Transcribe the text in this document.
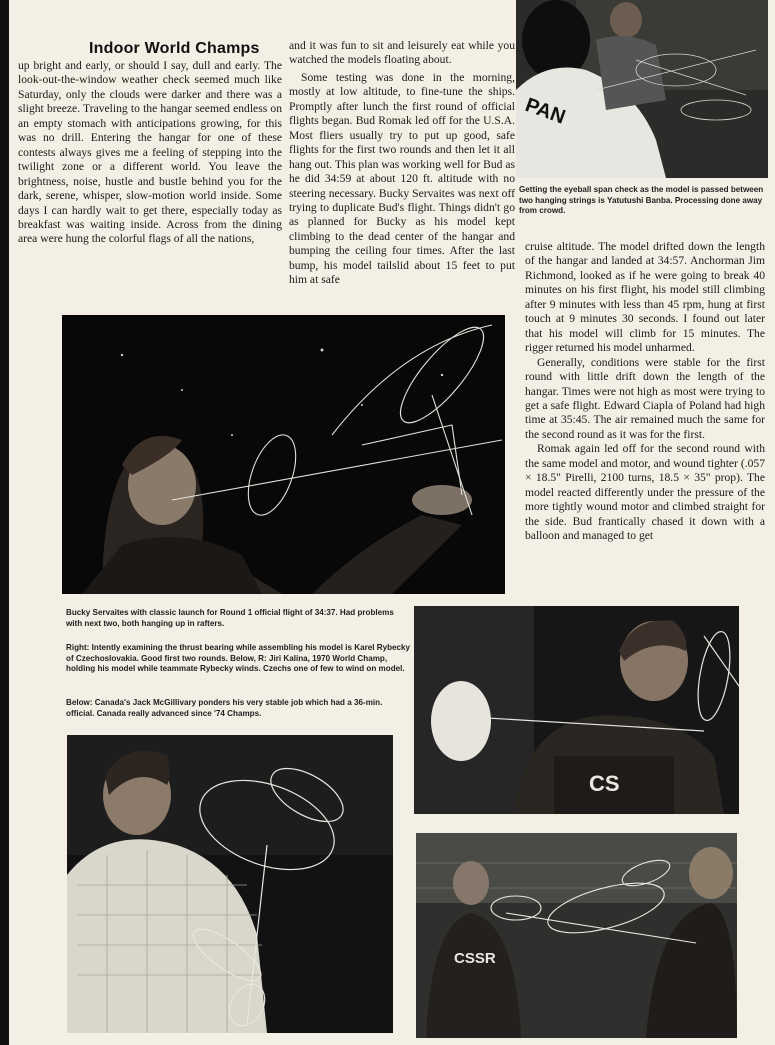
Indoor World Champs
up bright and early, or should I say, dull and early. The look-out-the-window weather check seemed much like Saturday, only the clouds were darker and there was a slight breeze. Traveling to the hangar seemed endless on an empty stomach with anticipations growing, for this was no drill. Entering the hangar for one of these contests always gives me a feeling of stepping into the twilight zone or a different world. You leave the brightness, noise, hustle and bustle behind you for the dark, serene, whisper, slow-motion world inside. Some days I can hardly wait to get there, especially today as breakfast was waiting inside. Across from the dining area were hung the colorful flags of all the nations,
and it was fun to sit and leisurely eat while you watched the models floating about.
Some testing was done in the morning, mostly at low altitude, to fine-tune the ships. Promptly after lunch the first round of official flights began. Bud Romak led off for the U.S.A. Most fliers usually try to put up good, safe flights for the first two rounds and then let it all hang out. This plan was working well for Bud as he did 34:59 at about 120 ft. altitude with no steering necessary. Bucky Servaites was next off trying to duplicate Bud's flight. Things didn't go as planned for Bucky as his model kept climbing to the dead center of the hangar and bumping the ceiling four times. After the last bump, his model tailslid about 15 feet to put him at safe
PAN
Getting the eyeball span check as the model is passed between two hanging strings is Yatutushi Banba. Processing done away from crowd.
cruise altitude. The model drifted down the length of the hangar and landed at 34:57. Anchorman Jim Richmond, looked as if he were going to break 40 minutes on his first flight, his model still climbing after 9 minutes with less than 45 rpm, hung at first touch at 9 minutes 30 seconds. I found out later that his model will climb for 15 minutes. The rigger returned his model unharmed.
Generally, conditions were stable for the first round with little drift down the length of the hangar. Times were not high as most were trying to get a safe flight. Edward Ciapla of Poland had high time at 35:45. The air remained much the same for the second round as it was for the first.
Romak again led off for the second round with the same model and motor, and wound tighter (.057 × 18.5" Pirelli, 2100 turns, 18.5 × 35" prop). The model reacted differently under the pressure of the more tightly wound motor and climbed straight for the side. Bud frantically chased it down with a balloon and managed to get
Bucky Servaites with classic launch for Round 1 official flight of 34:37. Had problems with next two, both hanging up in rafters.
Right: Intently examining the thrust bearing while assembling his model is Karel Rybecky of Czechoslovakia. Good first two rounds. Below, R: Jiri Kalina, 1970 World Champ, holding his model while teammate Rybecky winds. Czechs one of few to wind on model.
Below: Canada's Jack McGillivary ponders his very stable job which had a 36-min. official. Canada really advanced since '74 Champs.
CS
CSSR
